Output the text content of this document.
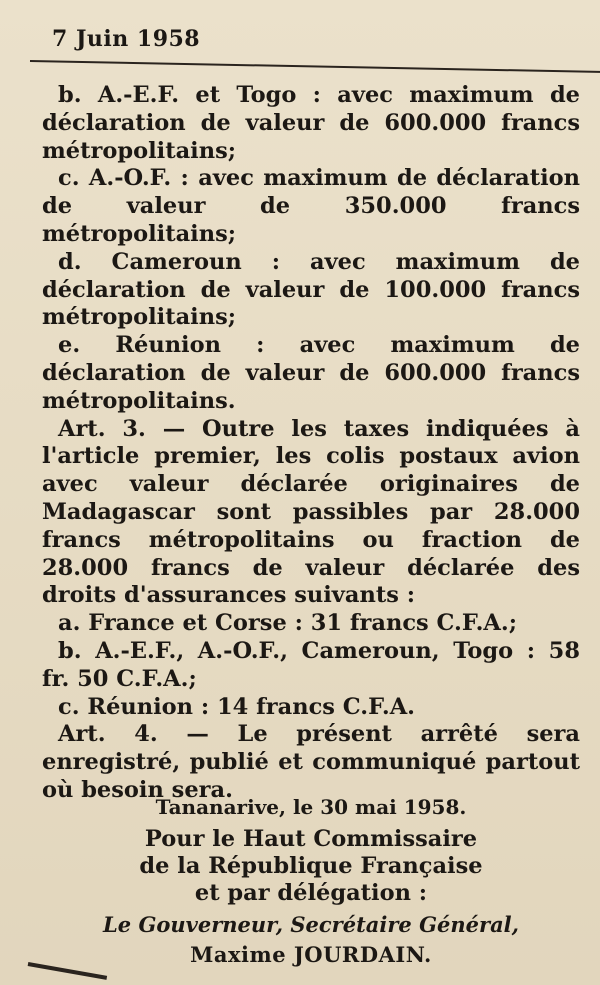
7 Juin 1958

b. A.-E.F. et Togo : avec maximum de déclaration de valeur de 600.000 francs métropolitains;

c. A.-O.F. : avec maximum de déclaration de valeur de 350.000 francs métropolitains;

d. Cameroun : avec maximum de déclaration de valeur de 100.000 francs métropolitains;

e. Réunion : avec maximum de déclaration de valeur de 600.000 francs métropolitains.

Art. 3. — Outre les taxes indiquées à l'article premier, les colis postaux avion avec valeur déclarée originaires de Madagascar sont passibles par 28.000 francs métropolitains ou fraction de 28.000 francs de valeur déclarée des droits d'assurances suivants :

a. France et Corse : 31 francs C.F.A.;

b. A.-E.F., A.-O.F., Cameroun, Togo : 58 fr. 50 C.F.A.;

c. Réunion : 14 francs C.F.A.

Art. 4. — Le présent arrêté sera enregistré, publié et communiqué partout où besoin sera.

Tananarive, le 30 mai 1958.
Pour le Haut Commissaire
de la République Française
et par délégation :
Le Gouverneur, Secrétaire Général,
Maxime JOURDAIN.
